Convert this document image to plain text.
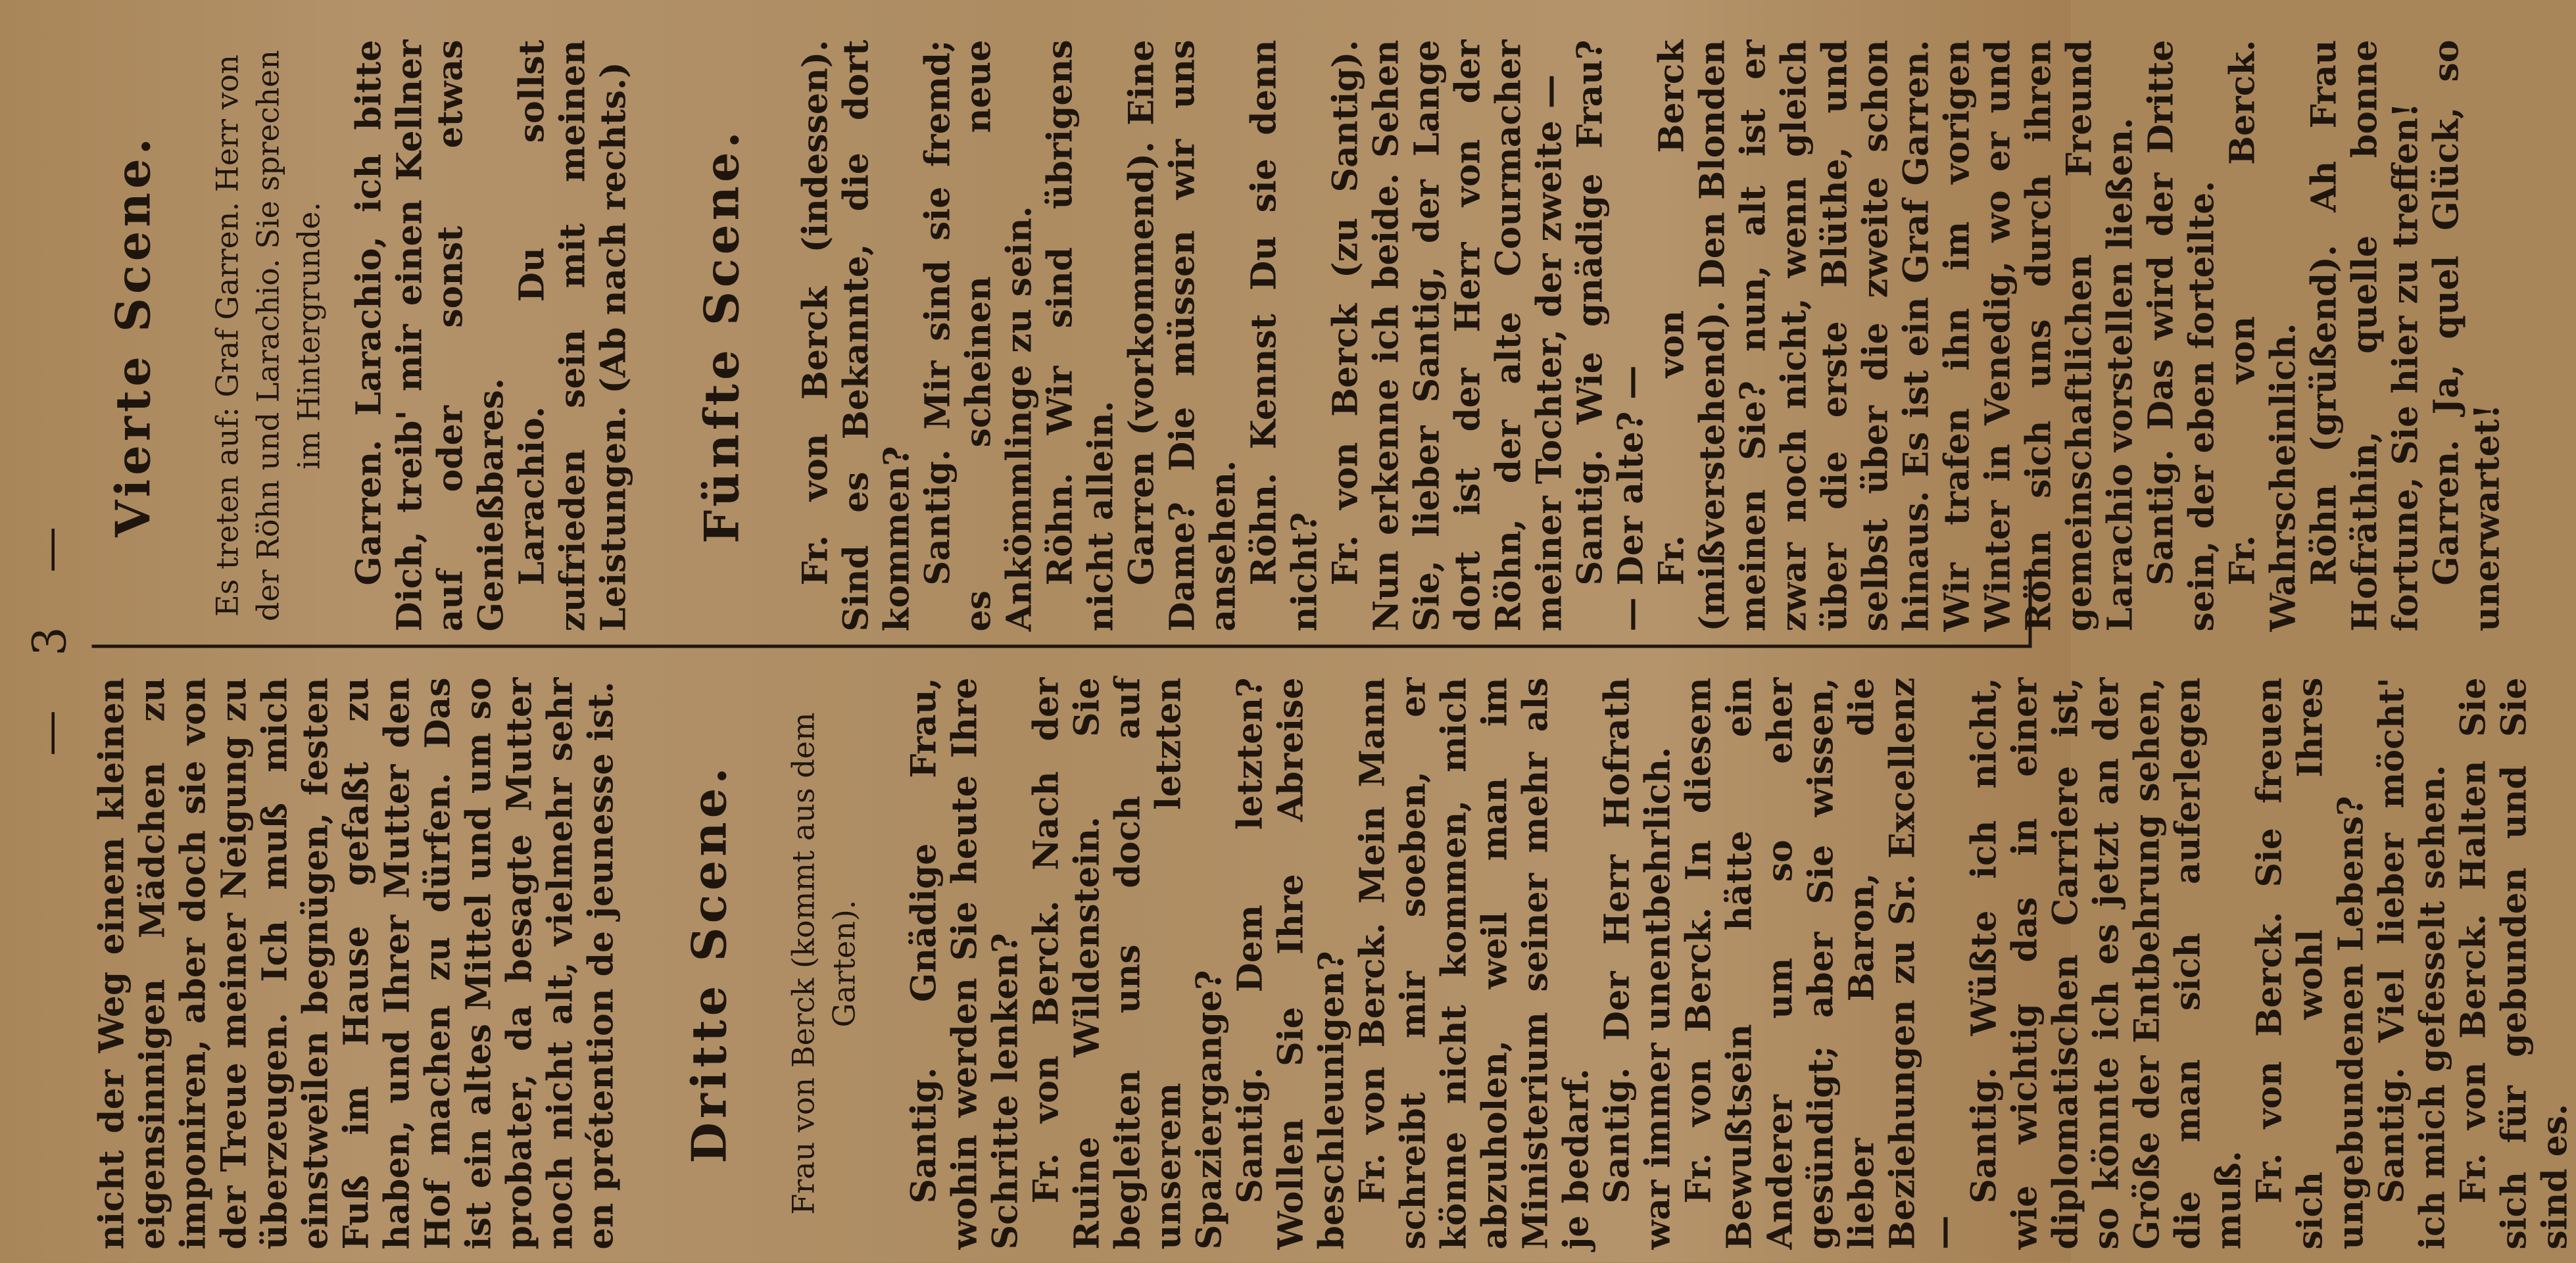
— 3 —

nicht der Weg einem kleinen eigensinnigen Mädchen zu imponiren, aber doch sie von der Treue meiner Neigung zu überzeugen. Ich muß mich einstweilen begnügen, festen Fuß im Hause gefaßt zu haben, und Ihrer Mutter den Hof machen zu dürfen. Das ist ein altes Mittel und um so probater, da besagte Mutter noch nicht alt, vielmehr sehr en prétention de jeunesse ist. Dritte Scene. Frau von Berck (kommt aus dem Garten). Santig. Gnädige Frau, wohin werden Sie heute Ihre Schritte lenken? Fr. von Berck. Nach der Ruine Wildenstein. Sie begleiten uns doch auf unserem letzten Spaziergange? Santig. Dem letzten? Wollen Sie Ihre Abreise beschleunigen? Fr. von Berck. Mein Mann schreibt mir soeben, er könne nicht kommen, mich abzuholen, weil man im Ministerium seiner mehr als je bedarf. Santig. Der Herr Hofrath war immer unentbehrlich. Fr. von Berck. In diesem Bewußtsein hätte ein Anderer um so eher gesündigt; aber Sie wissen, lieber Baron, die Beziehungen zu Sr. Excellenz —

Santig. Wüßte ich nicht, wie wichtig das in einer diplomatischen Carriere ist, so könnte ich es jetzt an der Größe der Entbehrung sehen, die man sich auferlegen muß. Fr. von Berck. Sie freuen sich wohl Ihres ungebundenen Lebens? Santig. Viel lieber möcht' ich mich gefesselt sehen. Fr. von Berck. Halten Sie sich für gebunden und Sie sind es.

Vierte Scene. Es treten auf: Graf Garren. Herr von der Röhn und Larachio. Sie sprechen im Hintergrunde. Garren. Larachio, ich bitte Dich, treib' mir einen Kellner auf oder sonst etwas Genießbares. Larachio. Du sollst zufrieden sein mit meinen Leistungen. (Ab nach rechts.) Fünfte Scene. Fr. von Berck (indessen). Sind es Bekannte, die dort kommen? Santig. Mir sind sie fremd; es scheinen neue Ankömmlinge zu sein. Röhn. Wir sind übrigens nicht allein. Garren (vorkommend). Eine Dame? Die müssen wir uns ansehen. Röhn. Kennst Du sie denn nicht? Fr. von Berck (zu Santig). Nun erkenne ich beide. Sehen Sie, lieber Santig, der Lange dort ist der Herr von der Röhn, der alte Courmacher meiner Tochter, der zweite — Santig. Wie gnädige Frau? — Der alte? — Fr. von Berck (mißverstehend). Den Blonden meinen Sie? nun, alt ist er zwar noch nicht, wenn gleich über die erste Blüthe, und selbst über die zweite schon hinaus. Es ist ein Graf Garren. Wir trafen ihn im vorigen Winter in Venedig, wo er und Röhn sich uns durch ihren gemeinschaftlichen Freund Larachio vorstellen ließen. Santig. Das wird der Dritte sein, der eben forteilte. Fr. von Berck. Wahrscheinlich. Röhn (grüßend). Ah Frau Hofräthin, quelle bonne fortune, Sie hier zu treffen! Garren. Ja, quel Glück, so unerwartet!
